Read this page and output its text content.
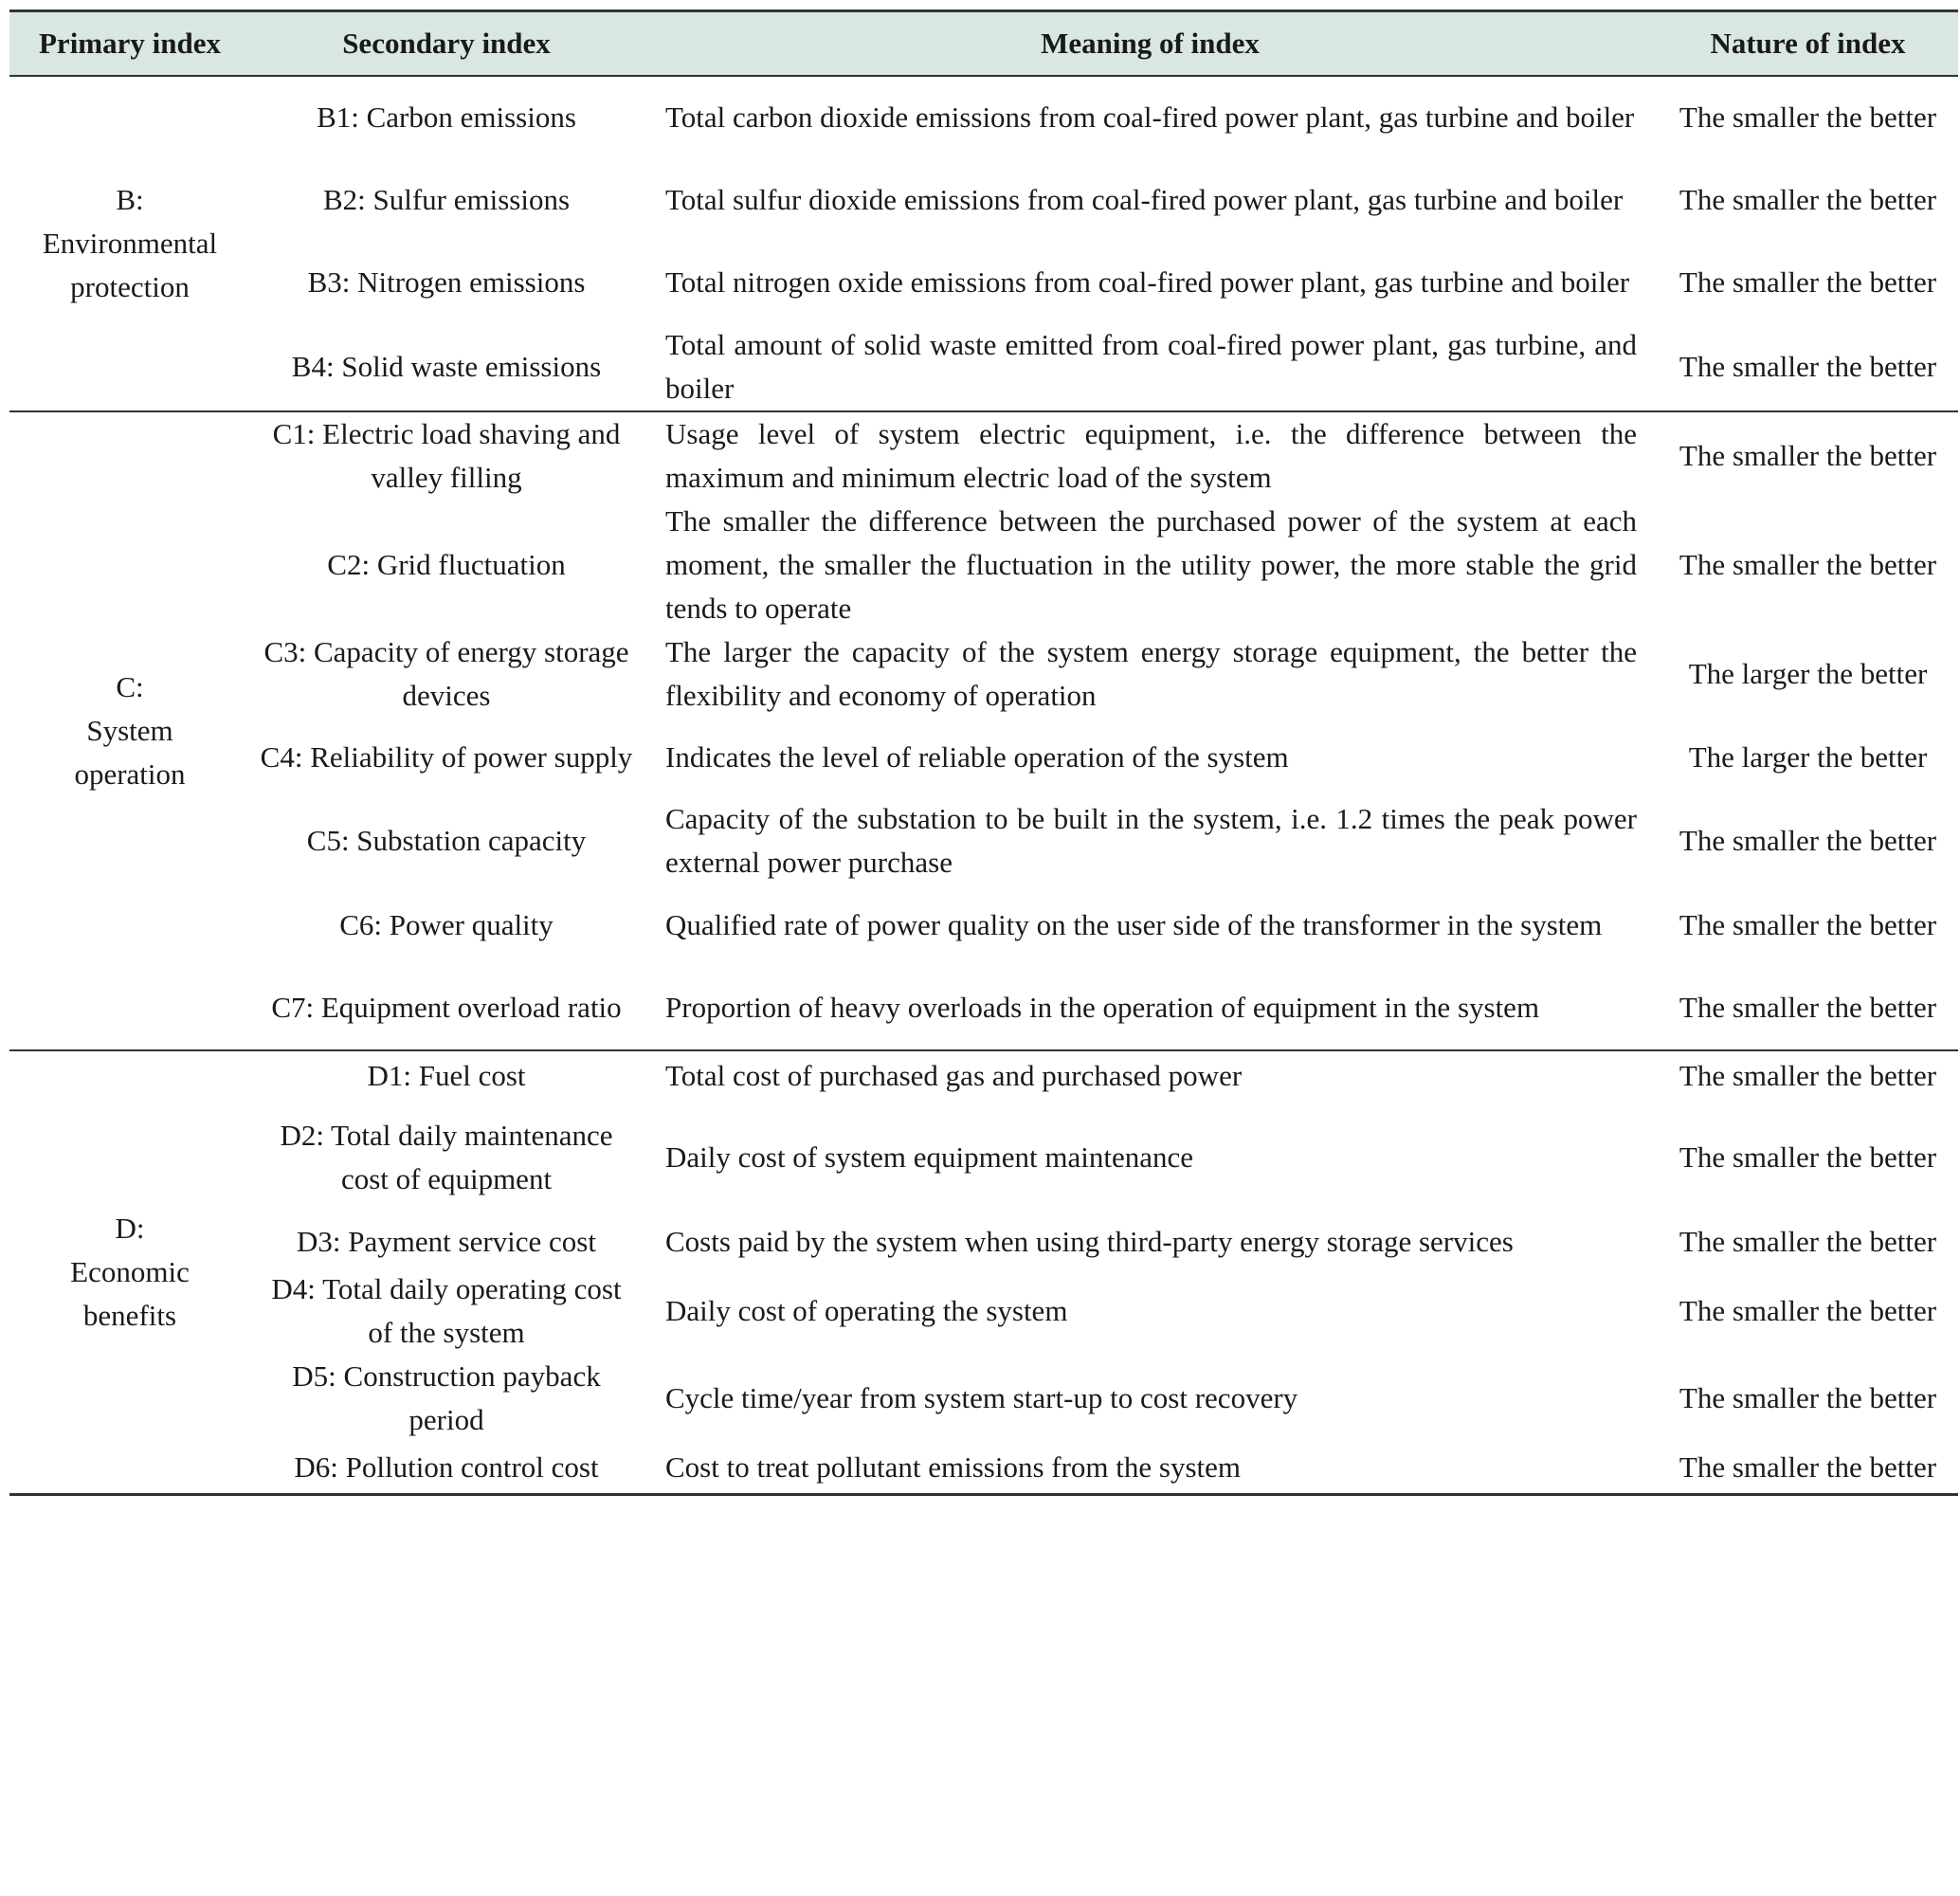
Primary index	Secondary index	Meaning of index	Nature of index

B:
Environmental
protection	B1: Carbon emissions	Total carbon dioxide emissions from coal-fired power plant, gas turbine and boiler	The smaller the better
	B2: Sulfur emissions	Total sulfur dioxide emissions from coal-fired power plant, gas turbine and boiler	The smaller the better
	B3: Nitrogen emissions	Total nitrogen oxide emissions from coal-fired power plant, gas turbine and boiler	The smaller the better
	B4: Solid waste emissions	Total amount of solid waste emitted from coal-fired power plant, gas turbine, and boiler	The smaller the better

C:
System
operation	C1: Electric load shaving and valley filling	Usage level of system electric equipment, i.e. the difference between the maximum and minimum electric load of the system	The smaller the better
	C2: Grid fluctuation	The smaller the difference between the purchased power of the system at each moment, the smaller the fluctuation in the utility power, the more stable the grid tends to operate	The smaller the better
	C3: Capacity of energy storage devices	The larger the capacity of the system energy storage equipment, the better the flexibility and economy of operation	The larger the better
	C4: Reliability of power supply	Indicates the level of reliable operation of the system	The larger the better
	C5: Substation capacity	Capacity of the substation to be built in the system, i.e. 1.2 times the peak power external power purchase	The smaller the better
	C6: Power quality	Qualified rate of power quality on the user side of the transformer in the system	The smaller the better
	C7: Equipment overload ratio	Proportion of heavy overloads in the operation of equipment in the system	The smaller the better

D:
Economic
benefits	D1: Fuel cost	Total cost of purchased gas and purchased power	The smaller the better
	D2: Total daily maintenance cost of equipment	Daily cost of system equipment maintenance	The smaller the better
	D3: Payment service cost	Costs paid by the system when using third-party energy storage services	The smaller the better
	D4: Total daily operating cost of the system	Daily cost of operating the system	The smaller the better
	D5: Construction payback period	Cycle time/year from system start-up to cost recovery	The smaller the better
	D6: Pollution control cost	Cost to treat pollutant emissions from the system	The smaller the better
